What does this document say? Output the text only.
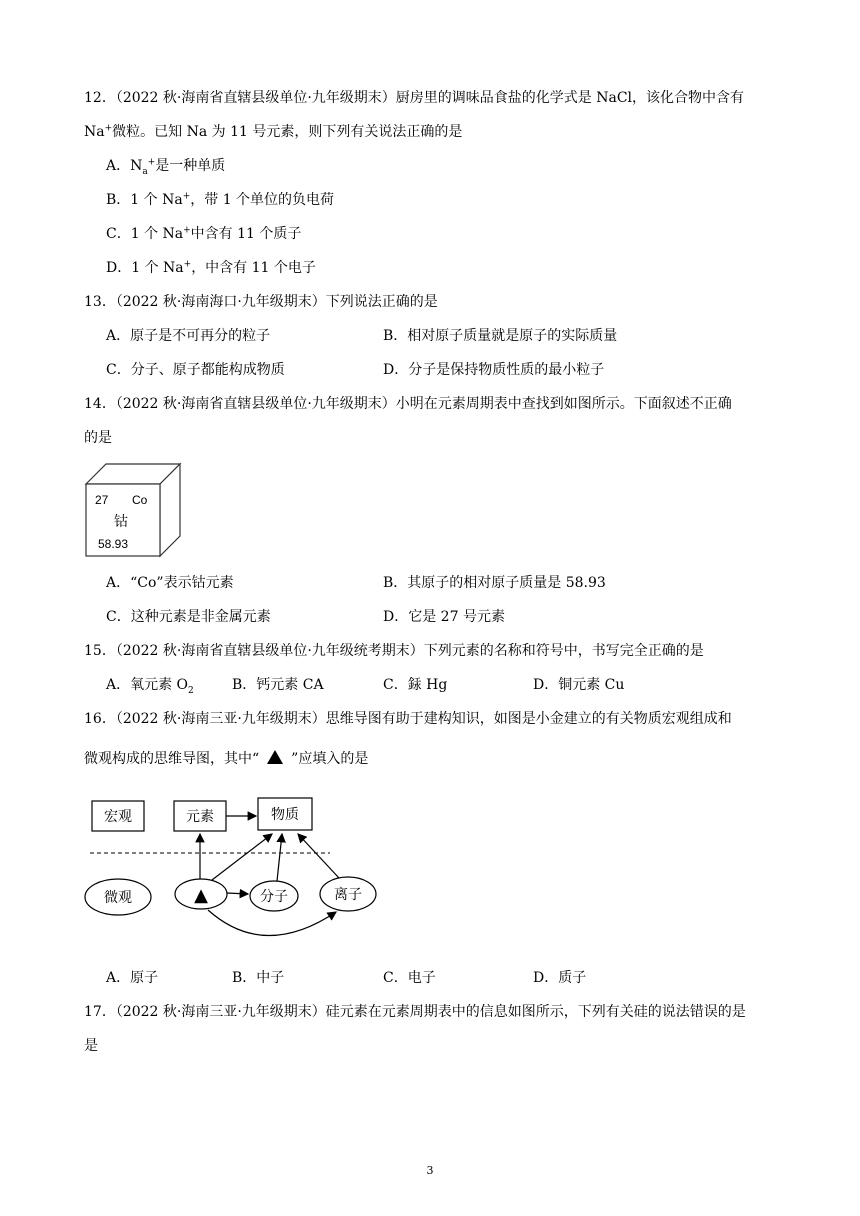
12．（2022 秋·海南省直辖县级单位·九年级期末）厨房里的调味品食盐的化学式是 NaCl，该化合物中含有
Na+微粒。已知 Na 为 11 号元素，则下列有关说法正确的是
A．$N_a^+$是一种单质
B．1 个 Na+，带 1 个单位的负电荷
C．1 个 Na+中含有 11 个质子
D．1 个 Na+，中含有 11 个电子
13．（2022 秋·海南海口·九年级期末）下列说法正确的是
A．原子是不可再分的粒子	B．相对原子质量就是原子的实际质量
C．分子、原子都能构成物质	D．分子是保持物质性质的最小粒子
14．（2022 秋·海南省直辖县级单位·九年级期末）小明在元素周期表中查找到如图所示。下面叙述不正确
的是
27 Co
钴
58.93
A．“Co”表示钴元素	B．其原子的相对原子质量是 58.93
C．这种元素是非金属元素	D．它是 27 号元素
15．（2022 秋·海南省直辖县级单位·九年级统考期末）下列元素的名称和符号中，书写完全正确的是
A．氧元素 $O_2$	B．钙元素 CA	C．銾 Hg	D．铜元素 Cu
16．（2022 秋·海南三亚·九年级期末）思维导图有助于建构知识，如图是小金建立的有关物质宏观组成和
微观构成的思维导图，其中“ ”应填入的是
宏观	元素	物质
微观	▲	分子	离子
A．原子	B．中子	C．电子	D．质子
17．（2022 秋·海南三亚·九年级期末）硅元素在元素周期表中的信息如图所示，下列有关硅的说法错误的是
是
3
